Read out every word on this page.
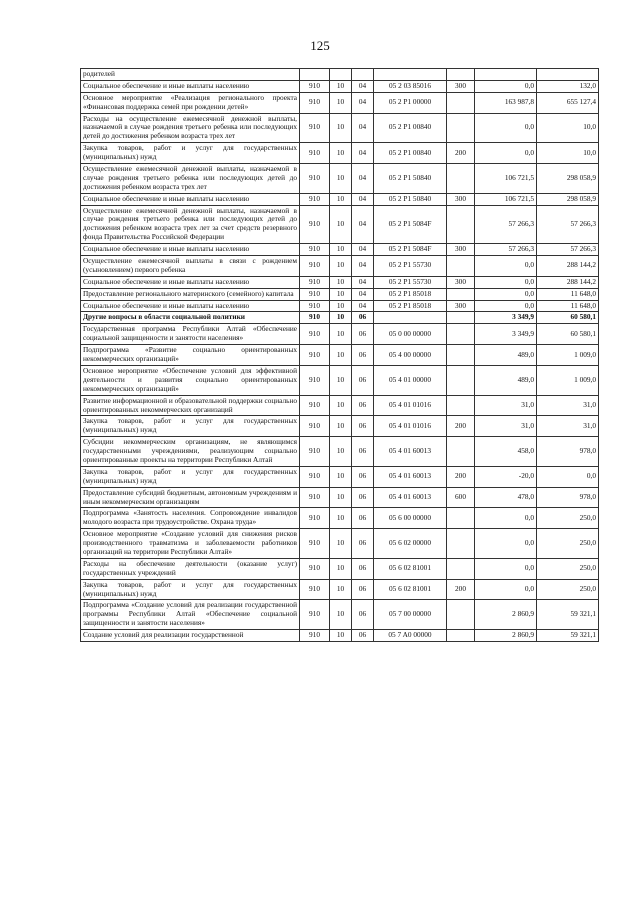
125
родителей							
Социальное обеспечение и иные выплаты населению	910	10	04	05 2 03 85016	300	0,0	132,0
Основное мероприятие «Реализация регионального проекта «Финансовая поддержка семей при рождении детей»	910	10	04	05 2 P1 00000		163 987,8	655 127,4
Расходы на осуществление ежемесячной денежной выплаты, назначаемой в случае рождения третьего ребенка или последующих детей до достижения ребенком возраста трех лет	910	10	04	05 2 P1 00840		0,0	10,0
Закупка товаров, работ и услуг для государственных (муниципальных) нужд	910	10	04	05 2 P1 00840	200	0,0	10,0
Осуществление ежемесячной денежной выплаты, назначаемой в случае рождения третьего ребенка или последующих детей до достижения ребенком возраста трех лет	910	10	04	05 2 P1 50840		106 721,5	298 058,9
Социальное обеспечение и иные выплаты населению	910	10	04	05 2 P1 50840	300	106 721,5	298 058,9
Осуществление ежемесячной денежной выплаты, назначаемой в случае рождения третьего ребенка или последующих детей до достижения ребенком возраста трех лет за счет средств резервного фонда Правительства Российской Федерации	910	10	04	05 2 P1 5084F		57 266,3	57 266,3
Социальное обеспечение и иные выплаты населению	910	10	04	05 2 P1 5084F	300	57 266,3	57 266,3
Осуществление ежемесячной выплаты в связи с рождением (усыновлением) первого ребенка	910	10	04	05 2 P1 55730		0,0	288 144,2
Социальное обеспечение и иные выплаты населению	910	10	04	05 2 P1 55730	300	0,0	288 144,2
Предоставление регионального материнского (семейного) капитала	910	10	04	05 2 P1 85018		0,0	11 648,0
Социальное обеспечение и иные выплаты населению	910	10	04	05 2 P1 85018	300	0,0	11 648,0
Другие вопросы в области социальной политики	910	10	06			3 349,9	60 580,1
Государственная программа Республики Алтай «Обеспечение социальной защищенности и занятости населения»	910	10	06	05 0 00 00000		3 349,9	60 580,1
Подпрограмма «Развитие социально ориентированных некоммерческих организаций»	910	10	06	05 4 00 00000		489,0	1 009,0
Основное мероприятие «Обеспечение условий для эффективной деятельности и развития социально ориентированных некоммерческих организаций»	910	10	06	05 4 01 00000		489,0	1 009,0
Развитие информационной и образовательной поддержки социально ориентированных некоммерческих организаций	910	10	06	05 4 01 01016		31,0	31,0
Закупка товаров, работ и услуг для государственных (муниципальных) нужд	910	10	06	05 4 01 01016	200	31,0	31,0
Субсидии некоммерческим организациям, не являющимся государственными учреждениями, реализующим социально ориентированные проекты на территории Республики Алтай	910	10	06	05 4 01 60013		458,0	978,0
Закупка товаров, работ и услуг для государственных (муниципальных) нужд	910	10	06	05 4 01 60013	200	-20,0	0,0
Предоставление субсидий бюджетным, автономным учреждениям и иным некоммерческим организациям	910	10	06	05 4 01 60013	600	478,0	978,0
Подпрограмма «Занятость населения. Сопровождение инвалидов молодого возраста при трудоустройстве. Охрана труда»	910	10	06	05 6 00 00000		0,0	250,0
Основное мероприятие «Создание условий для снижения рисков производственного травматизма и заболеваемости работников организаций на территории Республики Алтай»	910	10	06	05 6 02 00000		0,0	250,0
Расходы на обеспечение деятельности (оказание услуг) государственных учреждений	910	10	06	05 6 02 81001		0,0	250,0
Закупка товаров, работ и услуг для государственных (муниципальных) нужд	910	10	06	05 6 02 81001	200	0,0	250,0
Подпрограмма «Создание условий для реализации государственной программы Республики Алтай «Обеспечение социальной защищенности и занятости населения»	910	10	06	05 7 00 00000		2 860,9	59 321,1
Создание условий для реализации государственной	910	10	06	05 7 A0 00000		2 860,9	59 321,1
